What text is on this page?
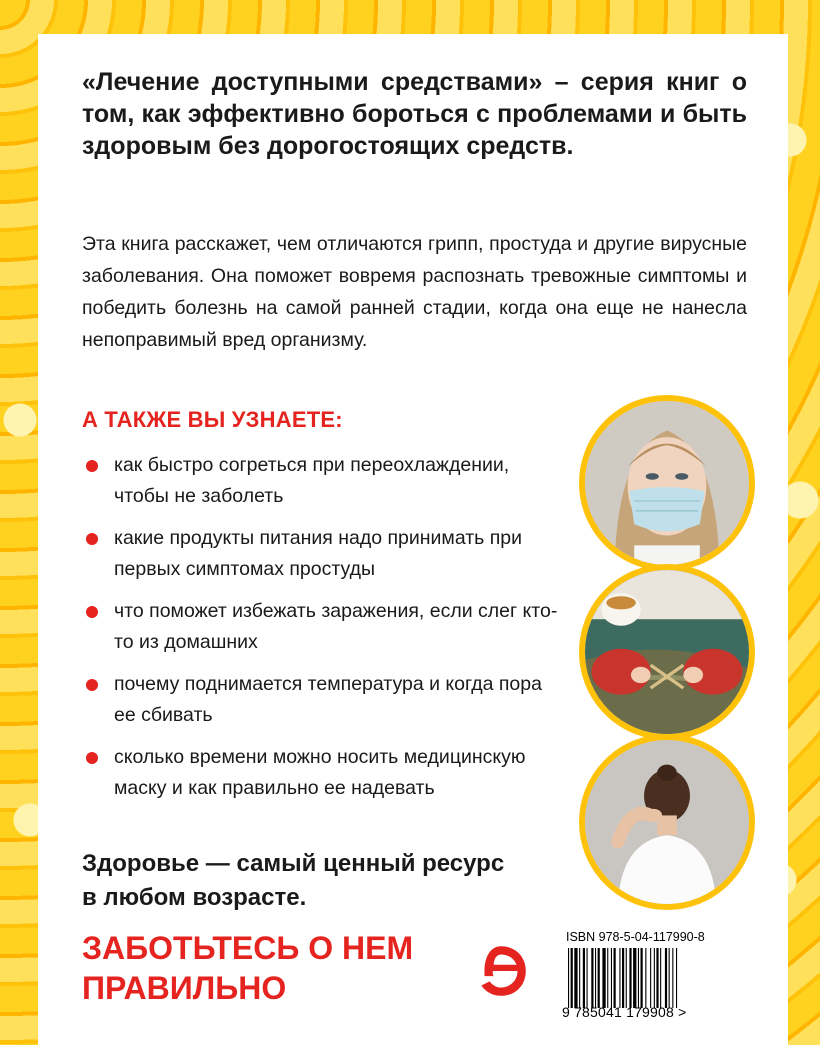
«Лечение доступными средствами» – серия книг о том, как эффективно бороться с проблемами и быть здоровым без дорогостоящих средств.

Эта книга расскажет, чем отличаются грипп, простуда и другие вирусные заболевания. Она поможет вовремя распознать тревожные симптомы и победить болезнь на самой ранней стадии, когда она еще не нанесла непоправимый вред организму.

А ТАКЖЕ ВЫ УЗНАЕТЕ:
как быстро согреться при переохлаждении, чтобы не заболеть
какие продукты питания надо принимать при первых симптомах простуды
что поможет избежать заражения, если слег кто-то из домашних
почему поднимается температура и когда пора ее сбивать
сколько времени можно носить медицинскую маску и как правильно ее надевать

Здоровье — самый ценный ресурс в любом возрасте.

ЗАБОТЬТЕСЬ О НЕМ ПРАВИЛЬНО

ISBN 978-5-04-117990-8

9 785041 179908 >
